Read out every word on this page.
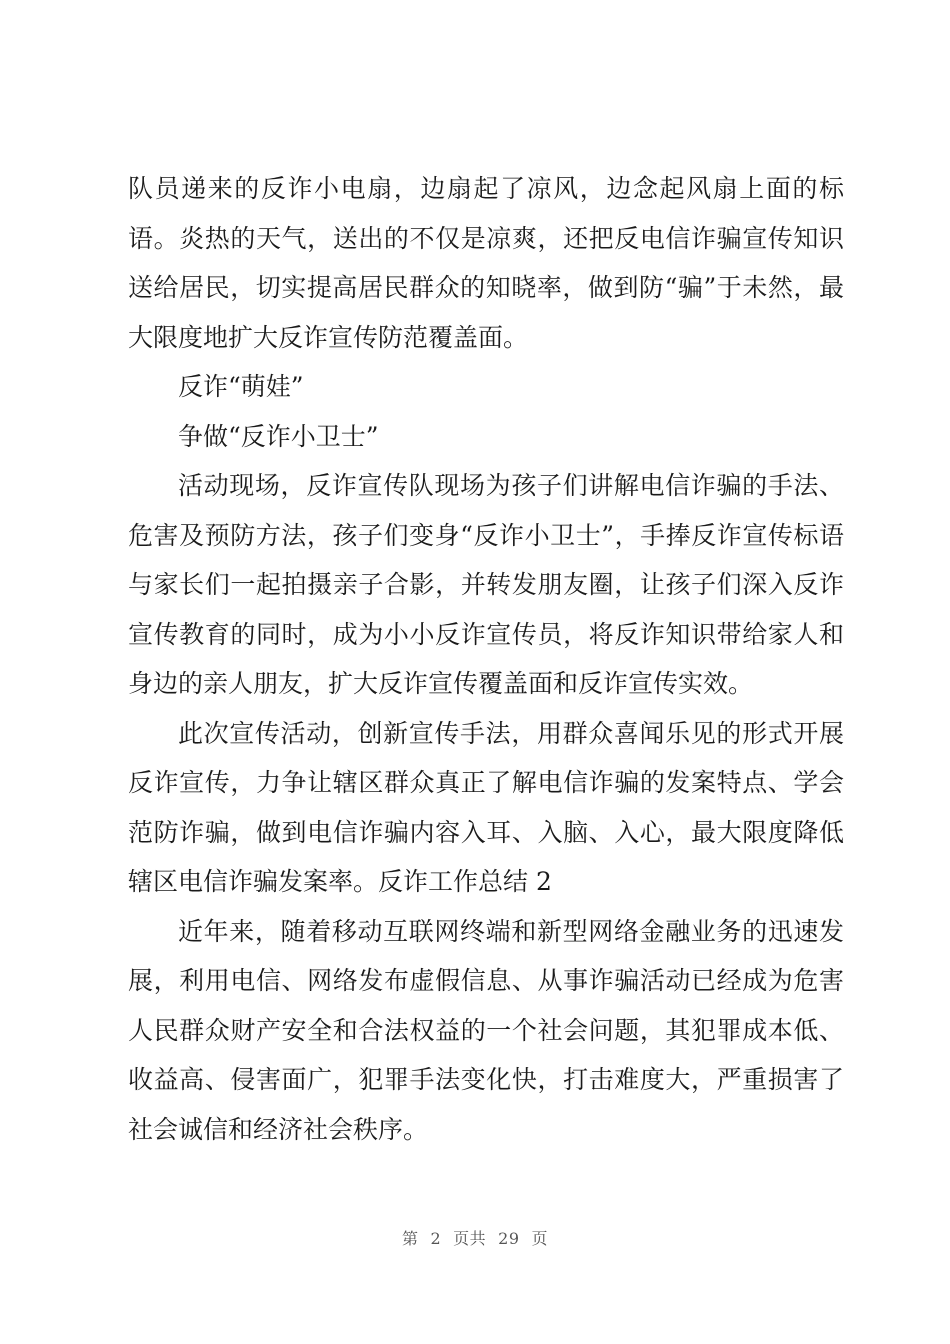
队员递来的反诈小电扇，边扇起了凉风，边念起风扇上面的标语。炎热的天气，送出的不仅是凉爽，还把反电信诈骗宣传知识送给居民，切实提高居民群众的知晓率，做到防“骗”于未然，最大限度地扩大反诈宣传防范覆盖面。

反诈“萌娃”

争做“反诈小卫士”

活动现场，反诈宣传队现场为孩子们讲解电信诈骗的手法、危害及预防方法，孩子们变身“反诈小卫士”，手捧反诈宣传标语与家长们一起拍摄亲子合影，并转发朋友圈，让孩子们深入反诈宣传教育的同时，成为小小反诈宣传员，将反诈知识带给家人和身边的亲人朋友，扩大反诈宣传覆盖面和反诈宣传实效。

此次宣传活动，创新宣传手法，用群众喜闻乐见的形式开展反诈宣传，力争让辖区群众真正了解电信诈骗的发案特点、学会范防诈骗，做到电信诈骗内容入耳、入脑、入心，最大限度降低辖区电信诈骗发案率。反诈工作总结 2

近年来，随着移动互联网终端和新型网络金融业务的迅速发展，利用电信、网络发布虚假信息、从事诈骗活动已经成为危害人民群众财产安全和合法权益的一个社会问题，其犯罪成本低、收益高、侵害面广，犯罪手法变化快，打击难度大，严重损害了社会诚信和经济社会秩序。

第 2 页共 29 页
